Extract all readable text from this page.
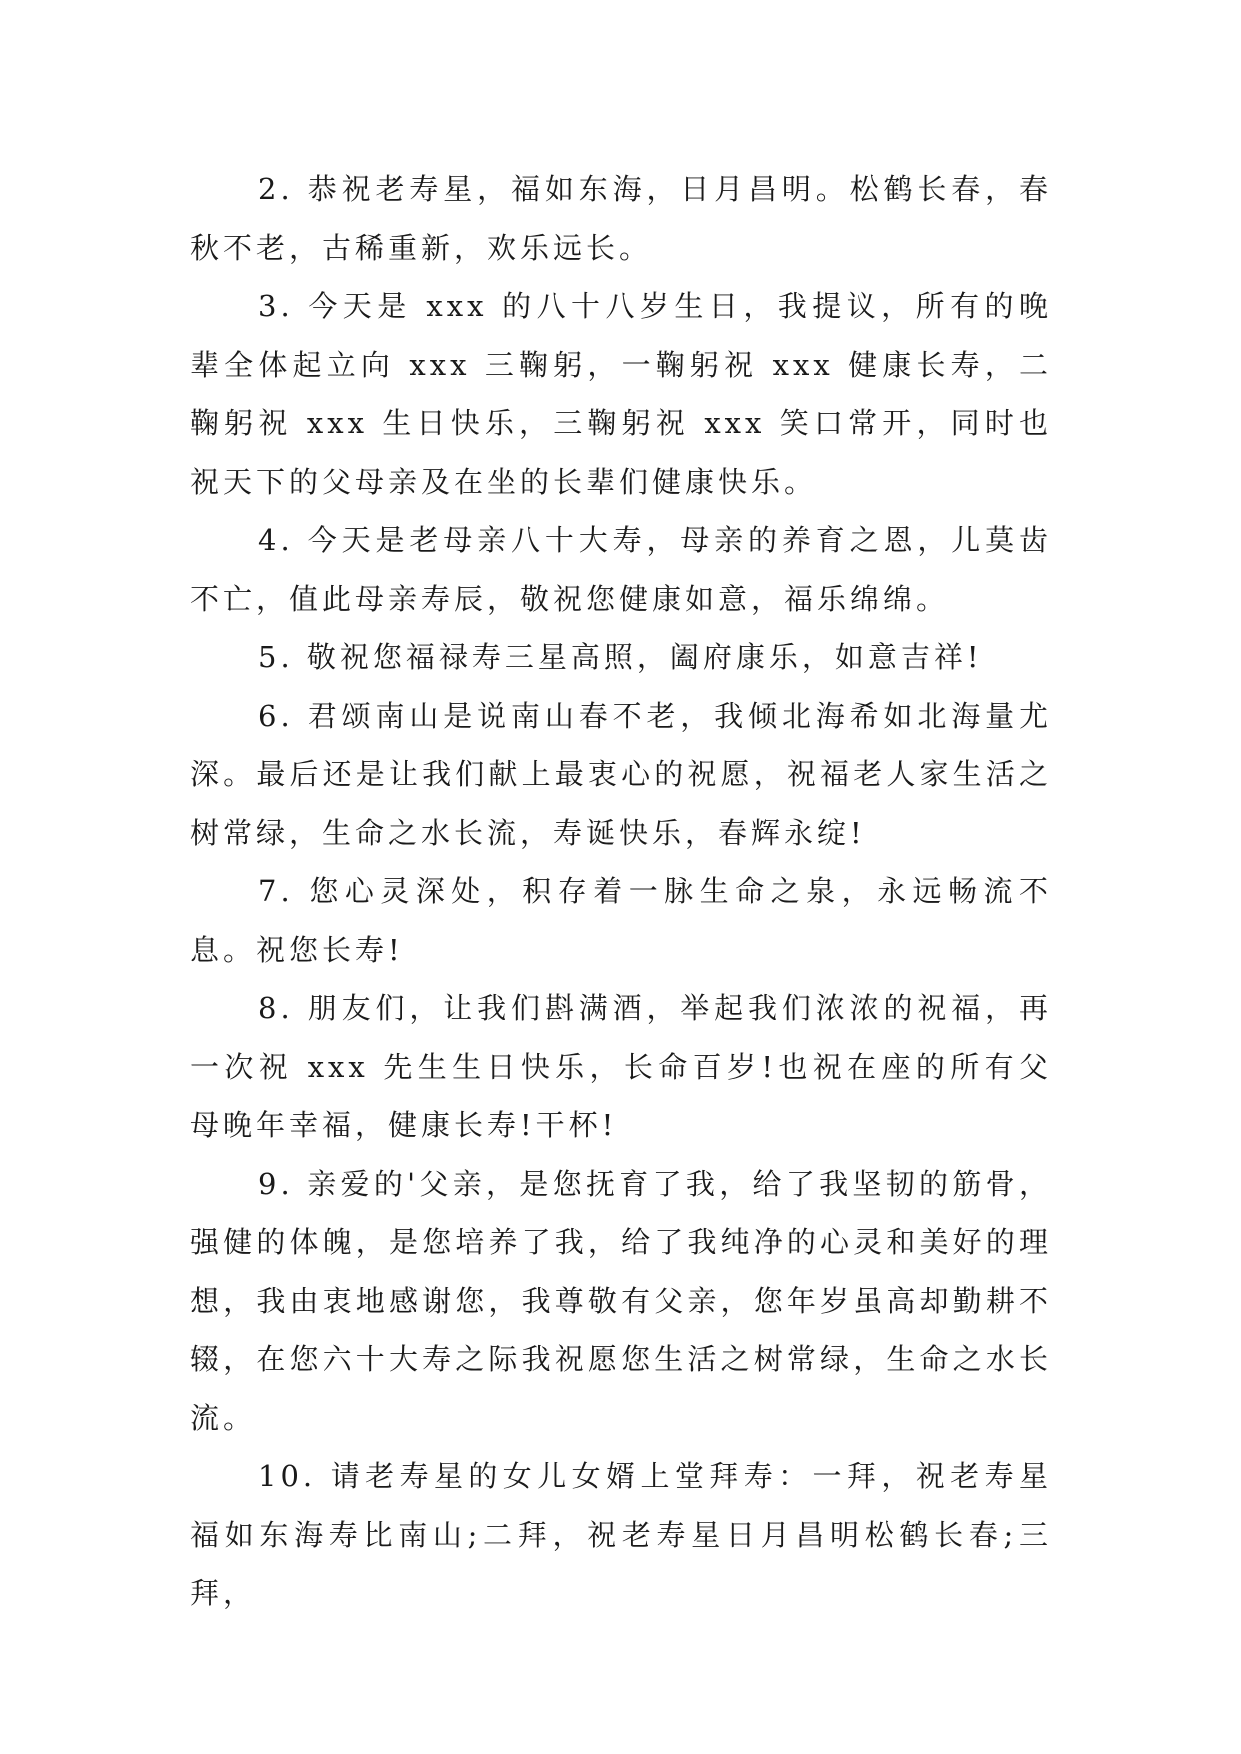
2. 恭祝老寿星，福如东海，日月昌明。松鹤长春，春秋不老，古稀重新，欢乐远长。

3. 今天是 xxx 的八十八岁生日，我提议，所有的晚辈全体起立向 xxx 三鞠躬，一鞠躬祝 xxx 健康长寿，二鞠躬祝 xxx 生日快乐，三鞠躬祝 xxx 笑口常开，同时也祝天下的父母亲及在坐的长辈们健康快乐。

4. 今天是老母亲八十大寿，母亲的养育之恩，儿莫齿不亡，值此母亲寿辰，敬祝您健康如意，福乐绵绵。

5. 敬祝您福禄寿三星高照，阖府康乐，如意吉祥!

6. 君颂南山是说南山春不老，我倾北海希如北海量尤深。最后还是让我们献上最衷心的祝愿，祝福老人家生活之树常绿，生命之水长流，寿诞快乐，春辉永绽!

7. 您心灵深处，积存着一脉生命之泉，永远畅流不息。祝您长寿!

8. 朋友们，让我们斟满酒，举起我们浓浓的祝福，再一次祝 xxx 先生生日快乐，长命百岁!也祝在座的所有父母晚年幸福，健康长寿!干杯!

9. 亲爱的'父亲，是您抚育了我，给了我坚韧的筋骨，强健的体魄，是您培养了我，给了我纯净的心灵和美好的理想，我由衷地感谢您，我尊敬有父亲，您年岁虽高却勤耕不辍，在您六十大寿之际我祝愿您生活之树常绿，生命之水长流。

10. 请老寿星的女儿女婿上堂拜寿：一拜，祝老寿星福如东海寿比南山;二拜，祝老寿星日月昌明松鹤长春;三拜，
